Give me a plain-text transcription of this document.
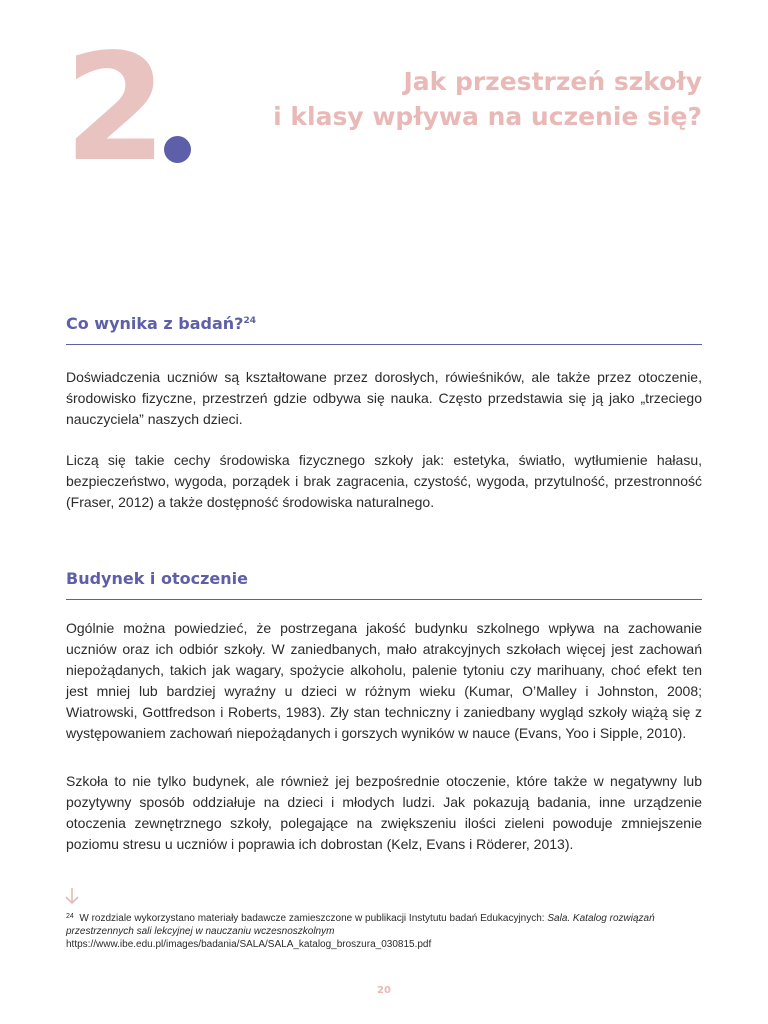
2	Jak przestrzeń szkoły
i klasy wpływa na uczenie się?
Co wynika z badań?$^{24}$

Doświadczenia uczniów są kształtowane przez dorosłych, rówieśników, ale także przez otoczenie, środowisko fizyczne, przestrzeń gdzie odbywa się nauka. Często przedstawia się ją jako „trzeciego nauczyciela” naszych dzieci.

Liczą się takie cechy środowiska fizycznego szkoły jak: estetyka, światło, wytłumienie hałasu, bezpieczeństwo, wygoda, porządek i brak zagracenia, czystość, wygoda, przytulność, przestronność (Fraser, 2012) a także dostępność środowiska naturalnego.

Budynek i otoczenie

Ogólnie można powiedzieć, że postrzegana jakość budynku szkolnego wpływa na zachowanie uczniów oraz ich odbiór szkoły. W zaniedbanych, mało atrakcyjnych szkołach więcej jest zachowań niepożądanych, takich jak wagary, spożycie alkoholu, palenie tytoniu czy marihuany, choć efekt ten jest mniej lub bardziej wyraźny u dzieci w różnym wieku (Kumar, O’Malley i Johnston, 2008; Wiatrowski, Gottfredson i Roberts, 1983). Zły stan techniczny i zaniedbany wygląd szkoły wiążą się z występowaniem zachowań niepożądanych i gorszych wyników w nauce (Evans, Yoo i Sipple, 2010).

Szkoła to nie tylko budynek, ale również jej bezpośrednie otoczenie, które także w negatywny lub pozytywny sposób oddziałuje na dzieci i młodych ludzi. Jak pokazują badania, inne urządzenie otoczenia zewnętrznego szkoły, polegające na zwiększeniu ilości zieleni powoduje zmniejszenie poziomu stresu u uczniów i poprawia ich dobrostan (Kelz, Evans i Röderer, 2013).

$^{24}$ W rozdziale wykorzystano materiały badawcze zamieszczone w publikacji Instytutu badań Edukacyjnych: Sala. Katalog rozwiązań przestrzennych sali lekcyjnej w nauczaniu wczesnoszkolnym https://www.ibe.edu.pl/images/badania/SALA/SALA_katalog_broszura_030815.pdf
20
